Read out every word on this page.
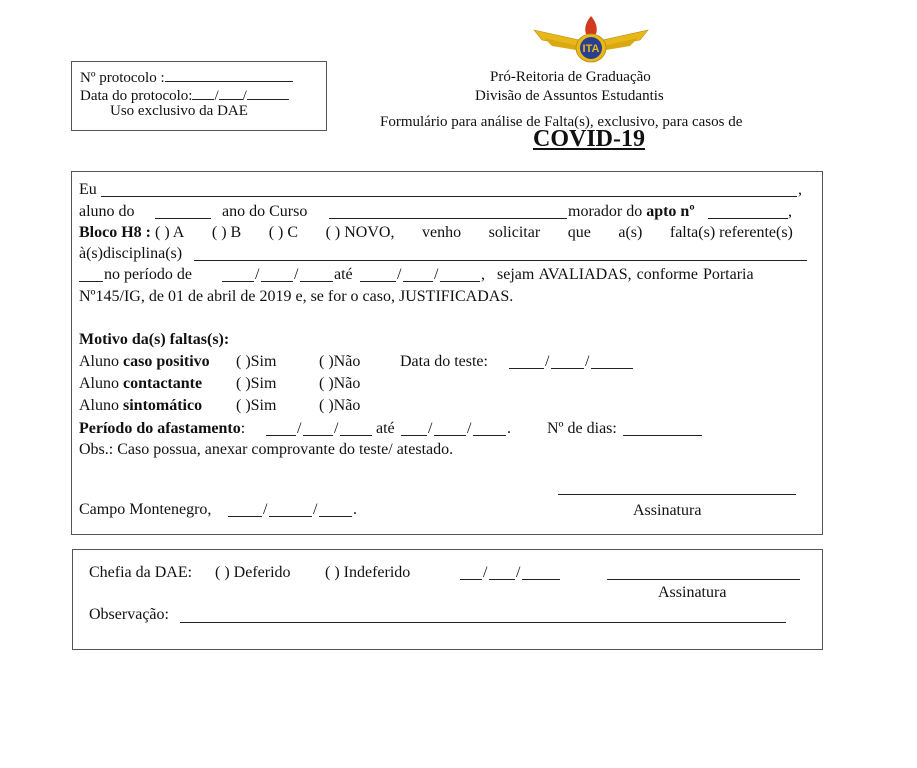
Nº protocolo :
Data do protocolo: / /
Uso exclusivo da DAE
ITA
Pró-Reitoria de Graduação
Divisão de Assuntos Estudantis
Formulário para análise de Falta(s), exclusivo, para casos de
COVID-19
Eu	,
aluno do	ano do Curso	morador do apto nº	,
Bloco H8 : ( ) A ( ) B ( ) C ( ) NOVO, venho solicitar que a(s) falta(s) referente(s)
à(s)disciplina(s)
no período de	/ / até	/ /	, sejam AVALIADAS, conforme Portaria
Nº145/IG, de 01 de abril de 2019 e, se for o caso, JUSTIFICADAS.
Motivo da(s) faltas(s):
Aluno caso positivo ( )Sim	( )Não Data do teste:	/ /
Aluno contactante ( )Sim	( )Não
Aluno sintomático ( )Sim	( )Não
Período do afastamento:	/ / até / / . Nº de dias:
Obs.: Caso possua, anexar comprovante do teste/ atestado.
Campo Montenegro,	/	/ .	Assinatura
Chefia da DAE: ( ) Deferido ( ) Indeferido	/ /
Assinatura
Observação:
